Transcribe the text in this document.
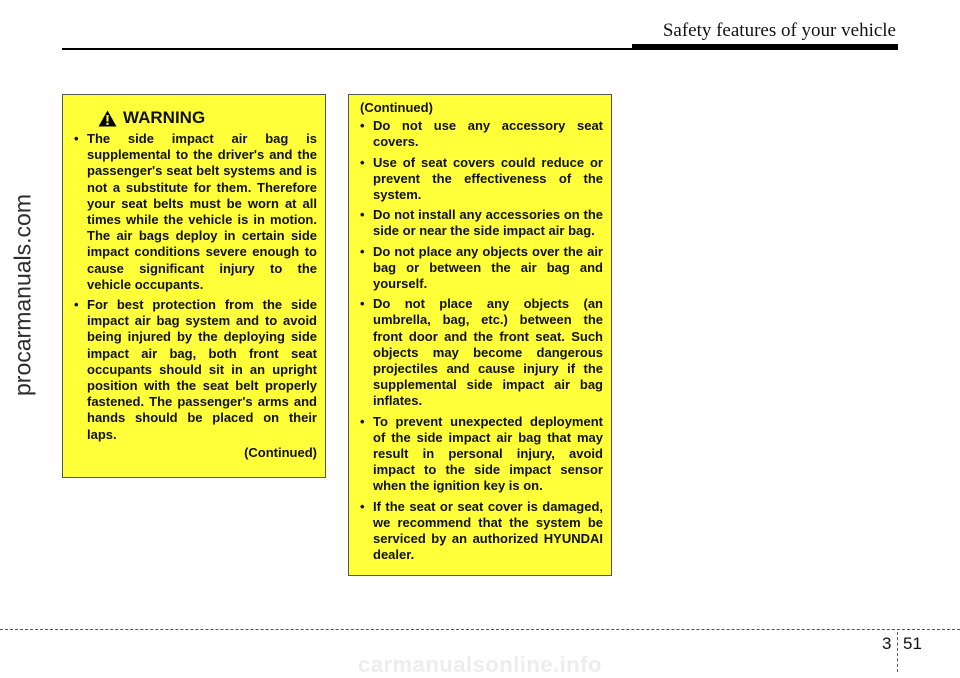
Safety features of your vehicle
procarmanuals.com
WARNING
• The side impact air bag is supplemental to the driver's and the passenger's seat belt systems and is not a substitute for them. Therefore your seat belts must be worn at all times while the vehicle is in motion. The air bags deploy in certain side impact conditions severe enough to cause significant injury to the vehicle occupants.
• For best protection from the side impact air bag system and to avoid being injured by the deploying side impact air bag, both front seat occupants should sit in an upright position with the seat belt properly fastened. The passenger's arms and hands should be placed on their laps.
(Continued)
(Continued)
• Do not use any accessory seat covers.
• Use of seat covers could reduce or prevent the effectiveness of the system.
• Do not install any accessories on the side or near the side impact air bag.
• Do not place any objects over the air bag or between the air bag and yourself.
• Do not place any objects (an umbrella, bag, etc.) between the front door and the front seat. Such objects may become dangerous projectiles and cause injury if the supplemental side impact air bag inflates.
• To prevent unexpected deployment of the side impact air bag that may result in personal injury, avoid impact to the side impact sensor when the ignition key is on.
• If the seat or seat cover is damaged, we recommend that the system be serviced by an authorized HYUNDAI dealer.
3 51
carmanualsonline.info
